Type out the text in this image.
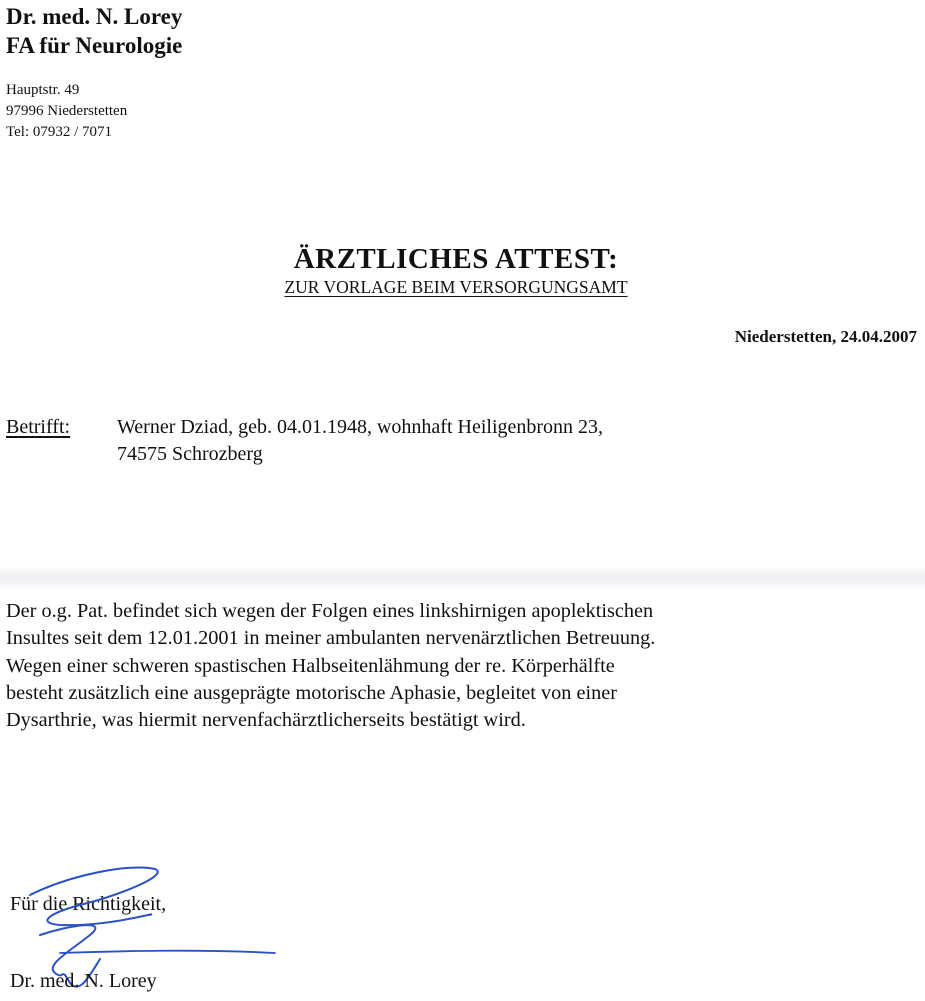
Dr. med. N. Lorey
FA für Neurologie
Hauptstr. 49
97996 Niederstetten
Tel: 07932 / 7071
ÄRZTLICHES ATTEST:
ZUR VORLAGE BEIM VERSORGUNGSAMT
Niederstetten, 24.04.2007
Betrifft: Werner Dziad, geb. 04.01.1948, wohnhaft Heiligenbronn 23,
74575 Schrozberg
Der o.g. Pat. befindet sich wegen der Folgen eines linkshirnigen apoplektischen
Insultes seit dem 12.01.2001 in meiner ambulanten nervenärztlichen Betreuung.
Wegen einer schweren spastischen Halbseitenlähmung der re. Körperhälfte
besteht zusätzlich eine ausgeprägte motorische Aphasie, begleitet von einer
Dysarthrie, was hiermit nervenfachärztlicherseits bestätigt wird.
Für die Richtigkeit,
Dr. med. N. Lorey
